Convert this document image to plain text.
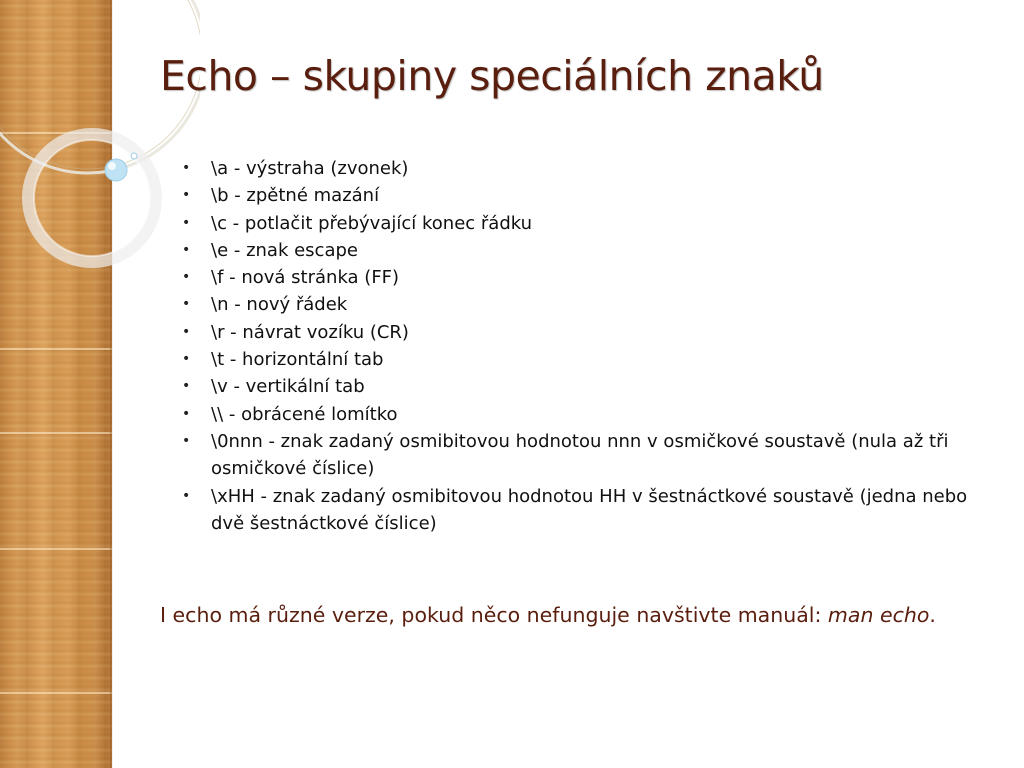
Echo – skupiny speciálních znaků
• \a - výstraha (zvonek)
• \b - zpětné mazání
• \c - potlačit přebývající konec řádku
• \e - znak escape
• \f - nová stránka (FF)
• \n - nový řádek
• \r - návrat vozíku (CR)
• \t - horizontální tab
• \v - vertikální tab
• \\ - obrácené lomítko
• \0nnn - znak zadaný osmibitovou hodnotou nnn v osmičkové soustavě (nula až tři osmičkové číslice)
• \xHH - znak zadaný osmibitovou hodnotou HH v šestnáctkové soustavě (jedna nebo dvě šestnáctkové číslice)

I echo má různé verze, pokud něco nefunguje navštivte manuál: man echo.
